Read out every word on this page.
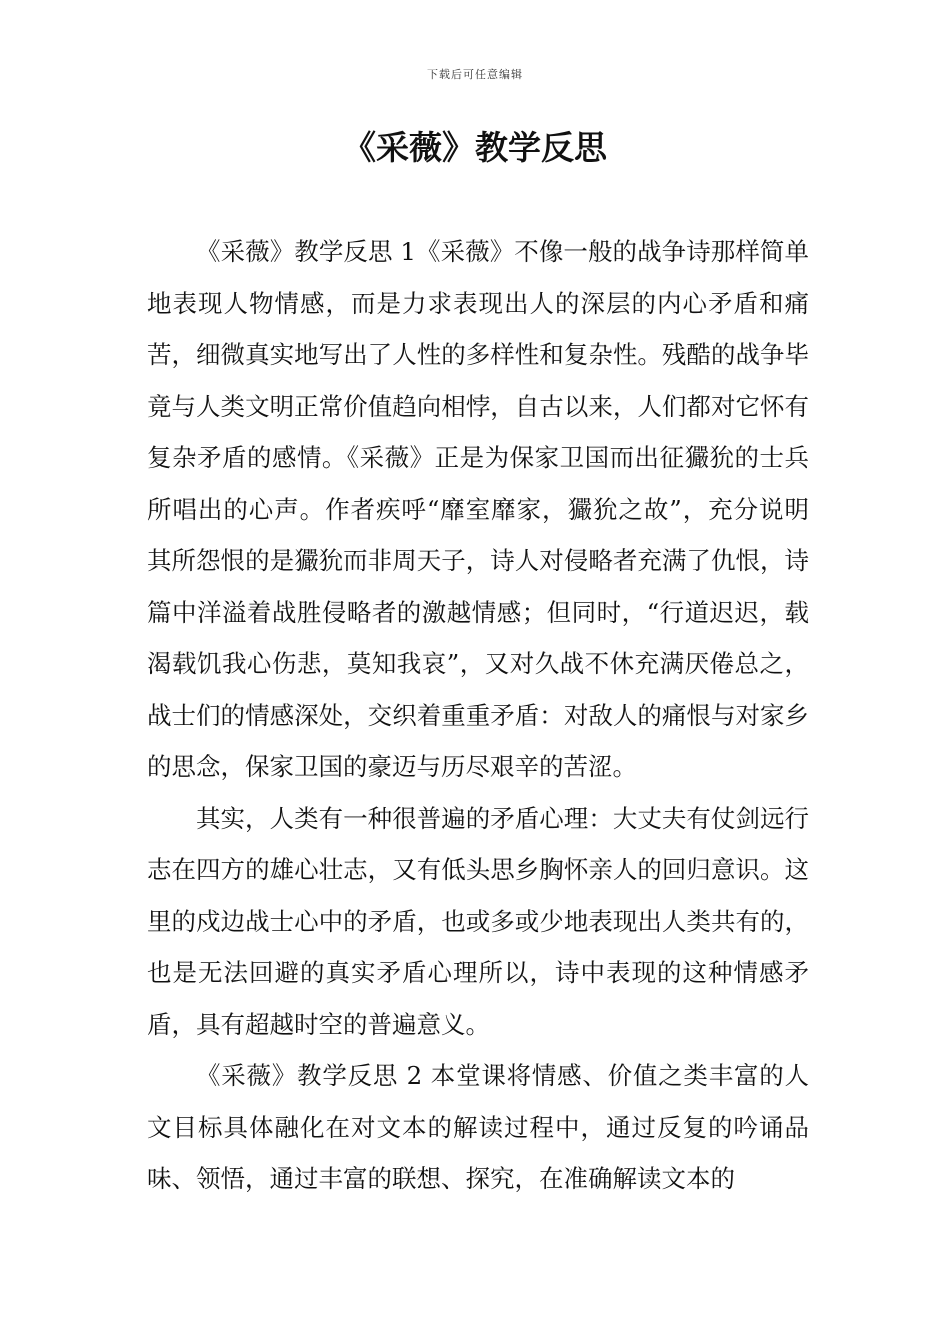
下载后可任意编辑
《采薇》教学反思

《采薇》教学反思 1《采薇》不像一般的战争诗那样简单地表现人物情感，而是力求表现出人的深层的内心矛盾和痛苦，细微真实地写出了人性的多样性和复杂性。残酷的战争毕竟与人类文明正常价值趋向相悖，自古以来，人们都对它怀有复杂矛盾的感情。《采薇》正是为保家卫国而出征玁狁的士兵所唱出的心声。作者疾呼“靡室靡家，玁狁之故”，充分说明其所怨恨的是玁狁而非周天子，诗人对侵略者充满了仇恨，诗篇中洋溢着战胜侵略者的激越情感；但同时，“行道迟迟，载渴载饥我心伤悲，莫知我哀”，又对久战不休充满厌倦总之，战士们的情感深处，交织着重重矛盾：对敌人的痛恨与对家乡的思念，保家卫国的豪迈与历尽艰辛的苦涩。

其实，人类有一种很普遍的矛盾心理：大丈夫有仗剑远行志在四方的雄心壮志，又有低头思乡胸怀亲人的回归意识。这里的戍边战士心中的矛盾，也或多或少地表现出人类共有的，也是无法回避的真实矛盾心理所以，诗中表现的这种情感矛盾，具有超越时空的普遍意义。

《采薇》教学反思 2 本堂课将情感、价值之类丰富的人文目标具体融化在对文本的解读过程中，通过反复的吟诵品味、领悟，通过丰富的联想、探究，在准确解读文本的
